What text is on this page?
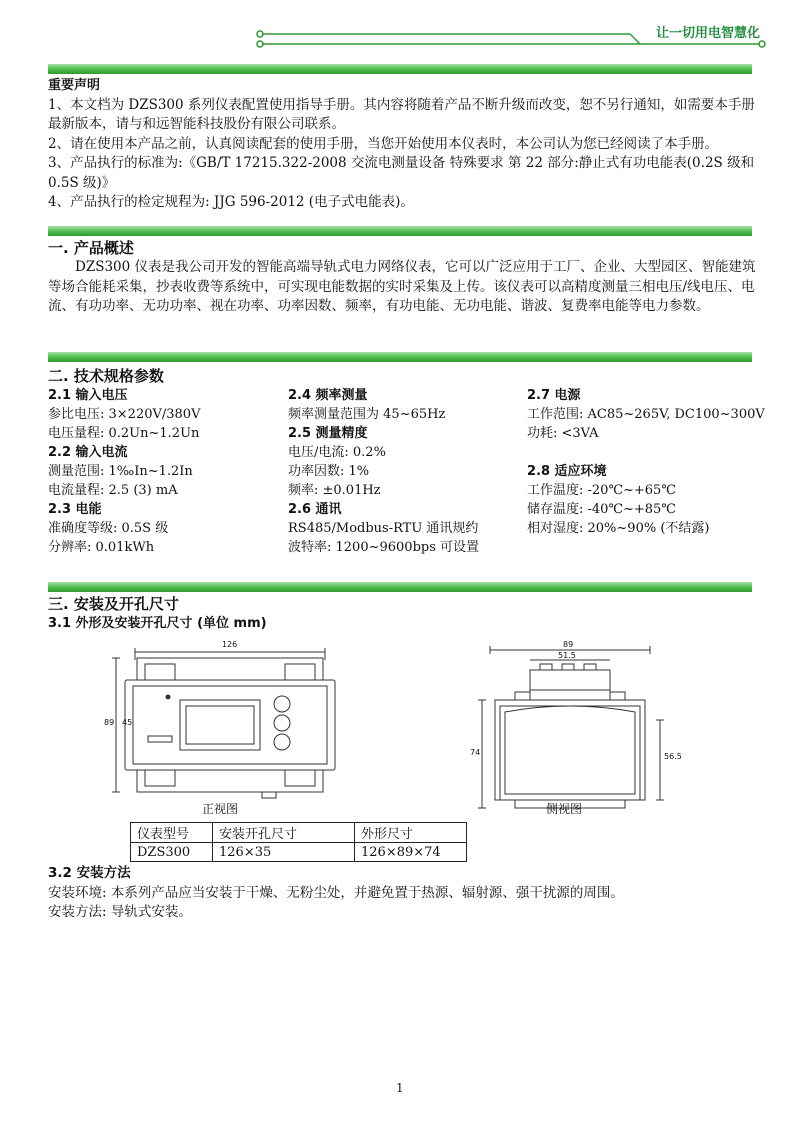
让一切用电智慧化
重要声明
1、本文档为 DZS300 系列仪表配置使用指导手册。其内容将随着产品不断升级而改变，恕不另行通知，如需要本手册最新版本，请与和远智能科技股份有限公司联系。
2、请在使用本产品之前，认真阅读配套的使用手册，当您开始使用本仪表时，本公司认为您已经阅读了本手册。
3、产品执行的标准为:《GB/T 17215.322-2008 交流电测量设备 特殊要求 第 22 部分:静止式有功电能表(0.2S 级和 0.5S 级)》
4、产品执行的检定规程为: JJG 596-2012 (电子式电能表)。
一. 产品概述
DZS300 仪表是我公司开发的智能高端导轨式电力网络仪表，它可以广泛应用于工厂、企业、大型园区、智能建筑等场合能耗采集，抄表收费等系统中，可实现电能数据的实时采集及上传。该仪表可以高精度测量三相电压/线电压、电流、有功功率、无功功率、视在功率、功率因数、频率，有功电能、无功电能、谐波、复费率电能等电力参数。
二. 技术规格参数
2.1 输入电压
参比电压: 3×220V/380V
电压量程: 0.2Un~1.2Un
2.2 输入电流
测量范围: 1‰In~1.2In
电流量程: 2.5 (3) mA
2.3 电能
准确度等级: 0.5S 级
分辨率: 0.01kWh
2.4 频率测量
频率测量范围为 45~65Hz
2.5 测量精度
电压/电流: 0.2%
功率因数: 1%
频率: ±0.01Hz
2.6 通讯
RS485/Modbus-RTU 通讯规约
波特率: 1200~9600bps 可设置
2.7 电源
工作范围: AC85~265V, DC100~300V
功耗: <3VA
2.8 适应环境
工作温度: -20℃~+65℃
储存温度: -40℃~+85℃
相对湿度: 20%~90% (不结露)
三. 安装及开孔尺寸
3.1 外形及安装开孔尺寸 (单位 mm)
126
89 45
89
51.5
74	56.5
正视图	侧视图
仪表型号	安装开孔尺寸	外形尺寸
DZS300	126×35	126×89×74
3.2 安装方法
安装环境: 本系列产品应当安装于干燥、无粉尘处，并避免置于热源、辐射源、强干扰源的周围。
安装方法: 导轨式安装。
1
